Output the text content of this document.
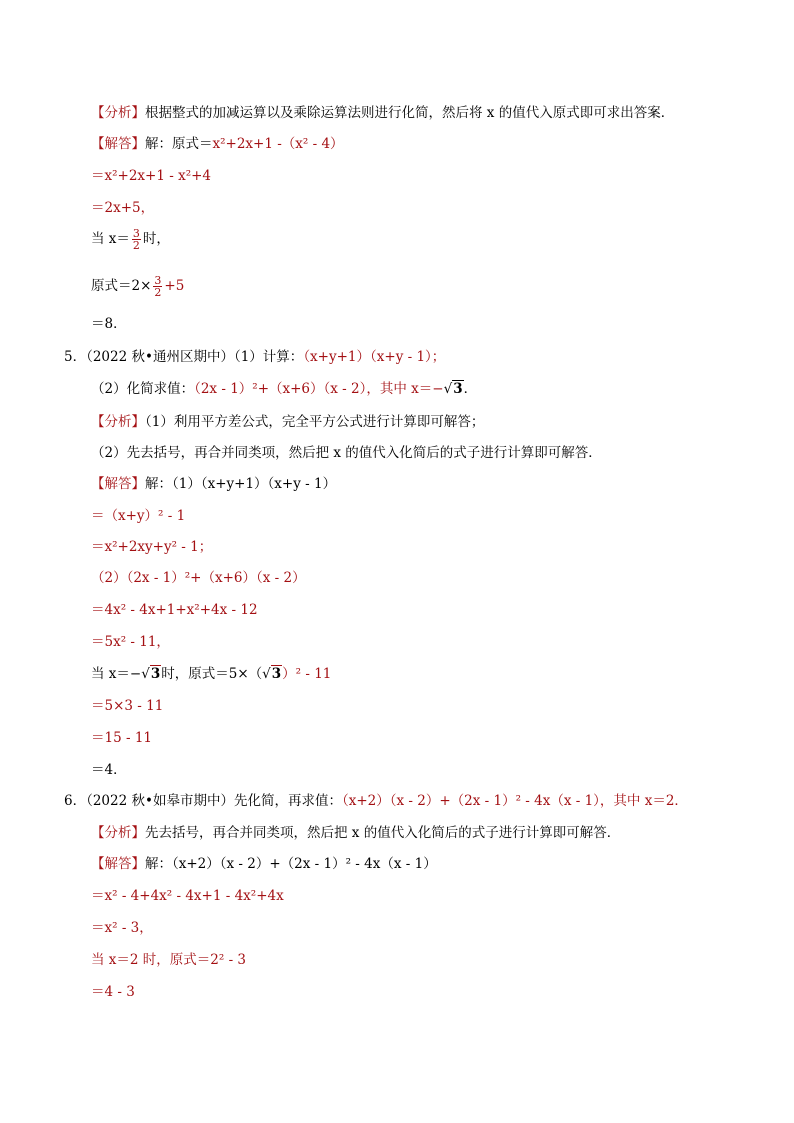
【分析】根据整式的加减运算以及乘除运算法则进行化简，然后将 x 的值代入原式即可求出答案．
【解答】解：原式＝x²+2x+1 -（x² - 4）
＝x²+2x+1 - x²+4
＝2x+5，
当 $x= \frac{3}{2}$ 时，
原式$=2\times \frac{3}{2} +5$
＝8．
5．（2022 秋•通州区期中）（1）计算：（x+y+1）（x+y - 1）；
（2）化简求值：（2x - 1）²+（x+6）（x - 2），其中 x＝−√3．
【分析】（1）利用平方差公式，完全平方公式进行计算即可解答；
（2）先去括号，再合并同类项，然后把 x 的值代入化简后的式子进行计算即可解答．
【解答】解：（1）（x+y+1）（x+y - 1）
＝（x+y）² - 1
＝x²+2xy+y² - 1；
（2）（2x - 1）²+（x+6）（x - 2）
＝4x² - 4x+1+x²+4x - 12
＝5x² - 11，
当 x＝−√3时，原式＝5×（√3）² - 11
＝5×3 - 11
＝15 - 11
＝4．
6．（2022 秋•如皋市期中）先化简，再求值：（x+2）（x - 2）+（2x - 1）² - 4x（x - 1），其中 x＝2．
【分析】先去括号，再合并同类项，然后把 x 的值代入化简后的式子进行计算即可解答．
【解答】解：（x+2）（x - 2）+（2x - 1）² - 4x（x - 1）
＝x² - 4+4x² - 4x+1 - 4x²+4x
＝x² - 3，
当 x＝2 时，原式＝2² - 3
＝4 - 3
